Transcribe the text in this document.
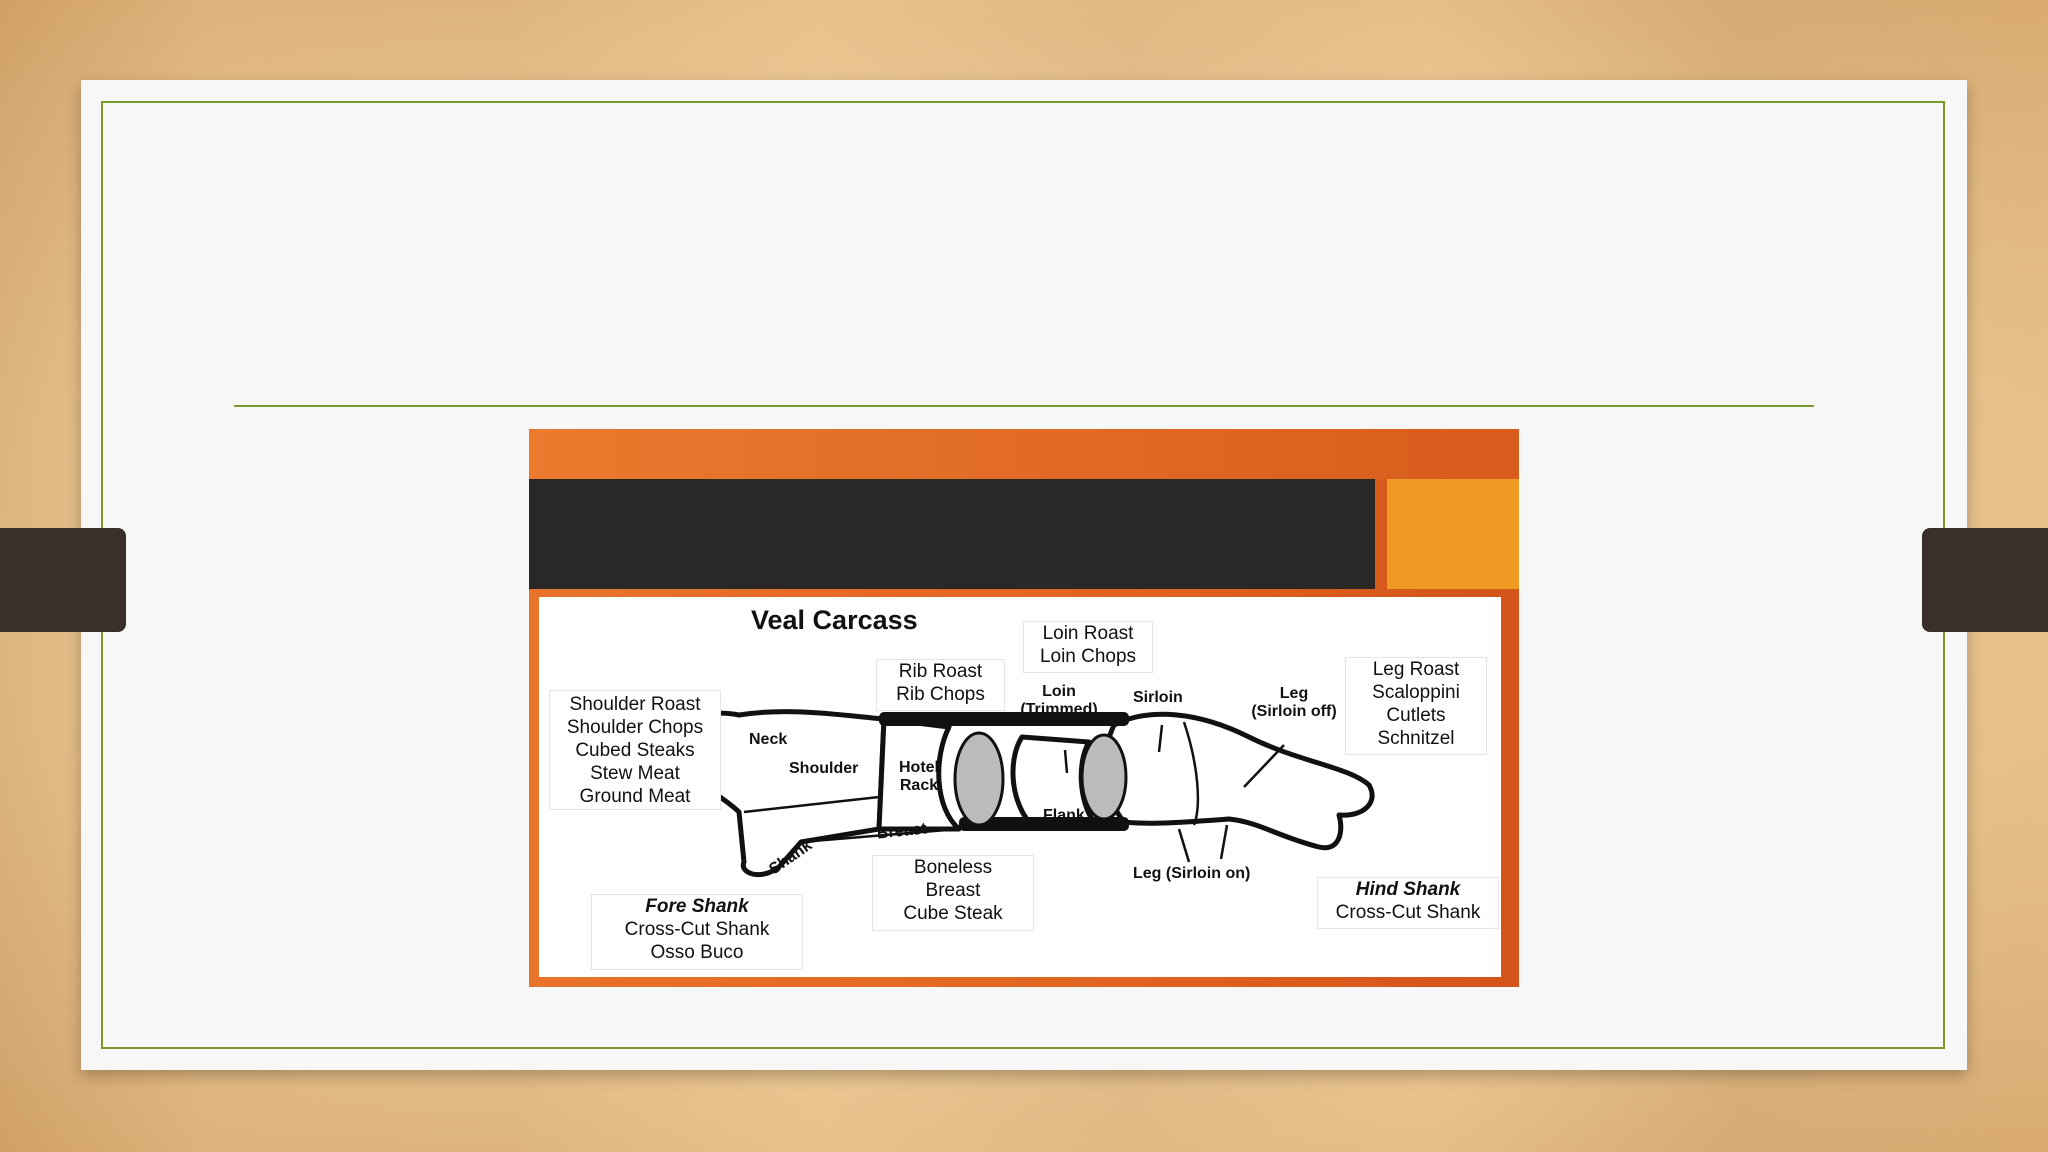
Veal Carcass
Shoulder Roast
Shoulder Chops
Cubed Steaks
Stew Meat
Ground Meat
Rib Roast
Rib Chops
Loin Roast
Loin Chops
Leg Roast
Scaloppini
Cutlets
Schnitzel
Fore Shank
Cross-Cut Shank
Osso Buco
Boneless
Breast
Cube Steak
Hind Shank
Cross-Cut Shank
Neck
Shoulder	Hotel
Rack
Breast
Shank
Flank
Loin
(Trimmed)
Sirloin	Leg
(Sirloin off)
Leg (Sirloin on)
